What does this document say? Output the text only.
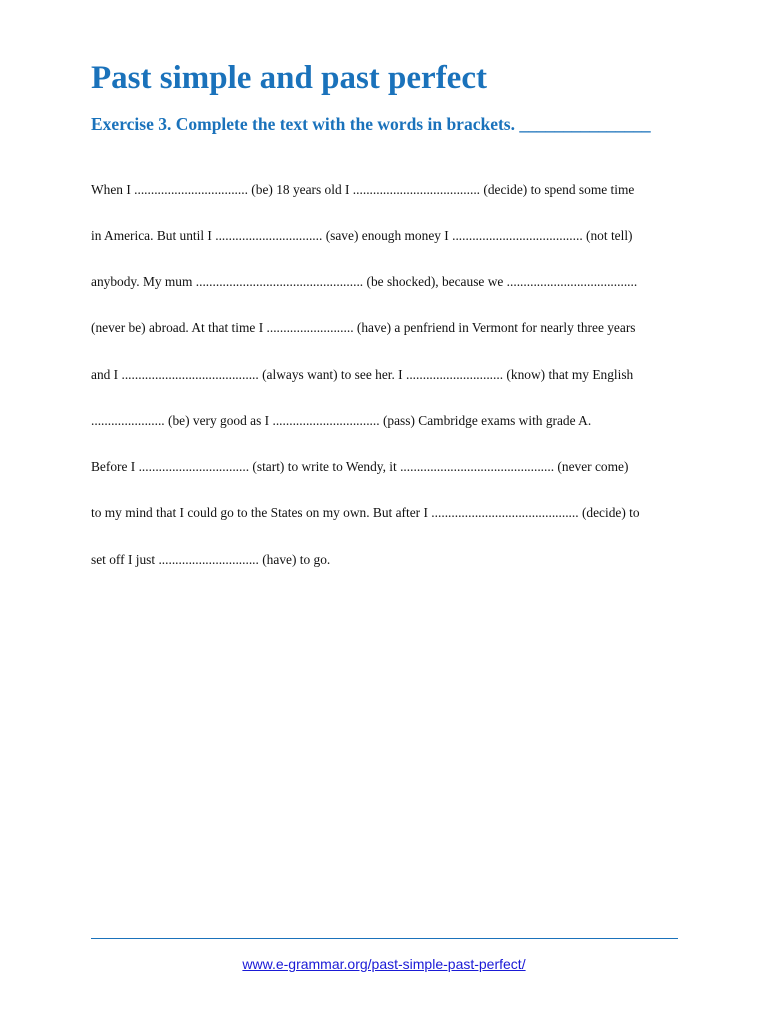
Past simple and past perfect
Exercise 3. Complete the text with the words in brackets. _______________
When I .................................. (be) 18 years old I ...................................... (decide) to spend some time
in America. But until I ................................ (save) enough money I ....................................... (not tell)
anybody. My mum .................................................. (be shocked), because we .......................................
(never be) abroad. At that time I .......................... (have) a penfriend in Vermont for nearly three years
and I ......................................... (always want) to see her. I ............................. (know) that my English
...................... (be) very good as I ................................ (pass) Cambridge exams with grade A.
Before I ................................. (start) to write to Wendy, it .............................................. (never come)
to my mind that I could go to the States on my own. But after I ............................................ (decide) to
set off I just .............................. (have) to go.
www.e-grammar.org/past-simple-past-perfect/
